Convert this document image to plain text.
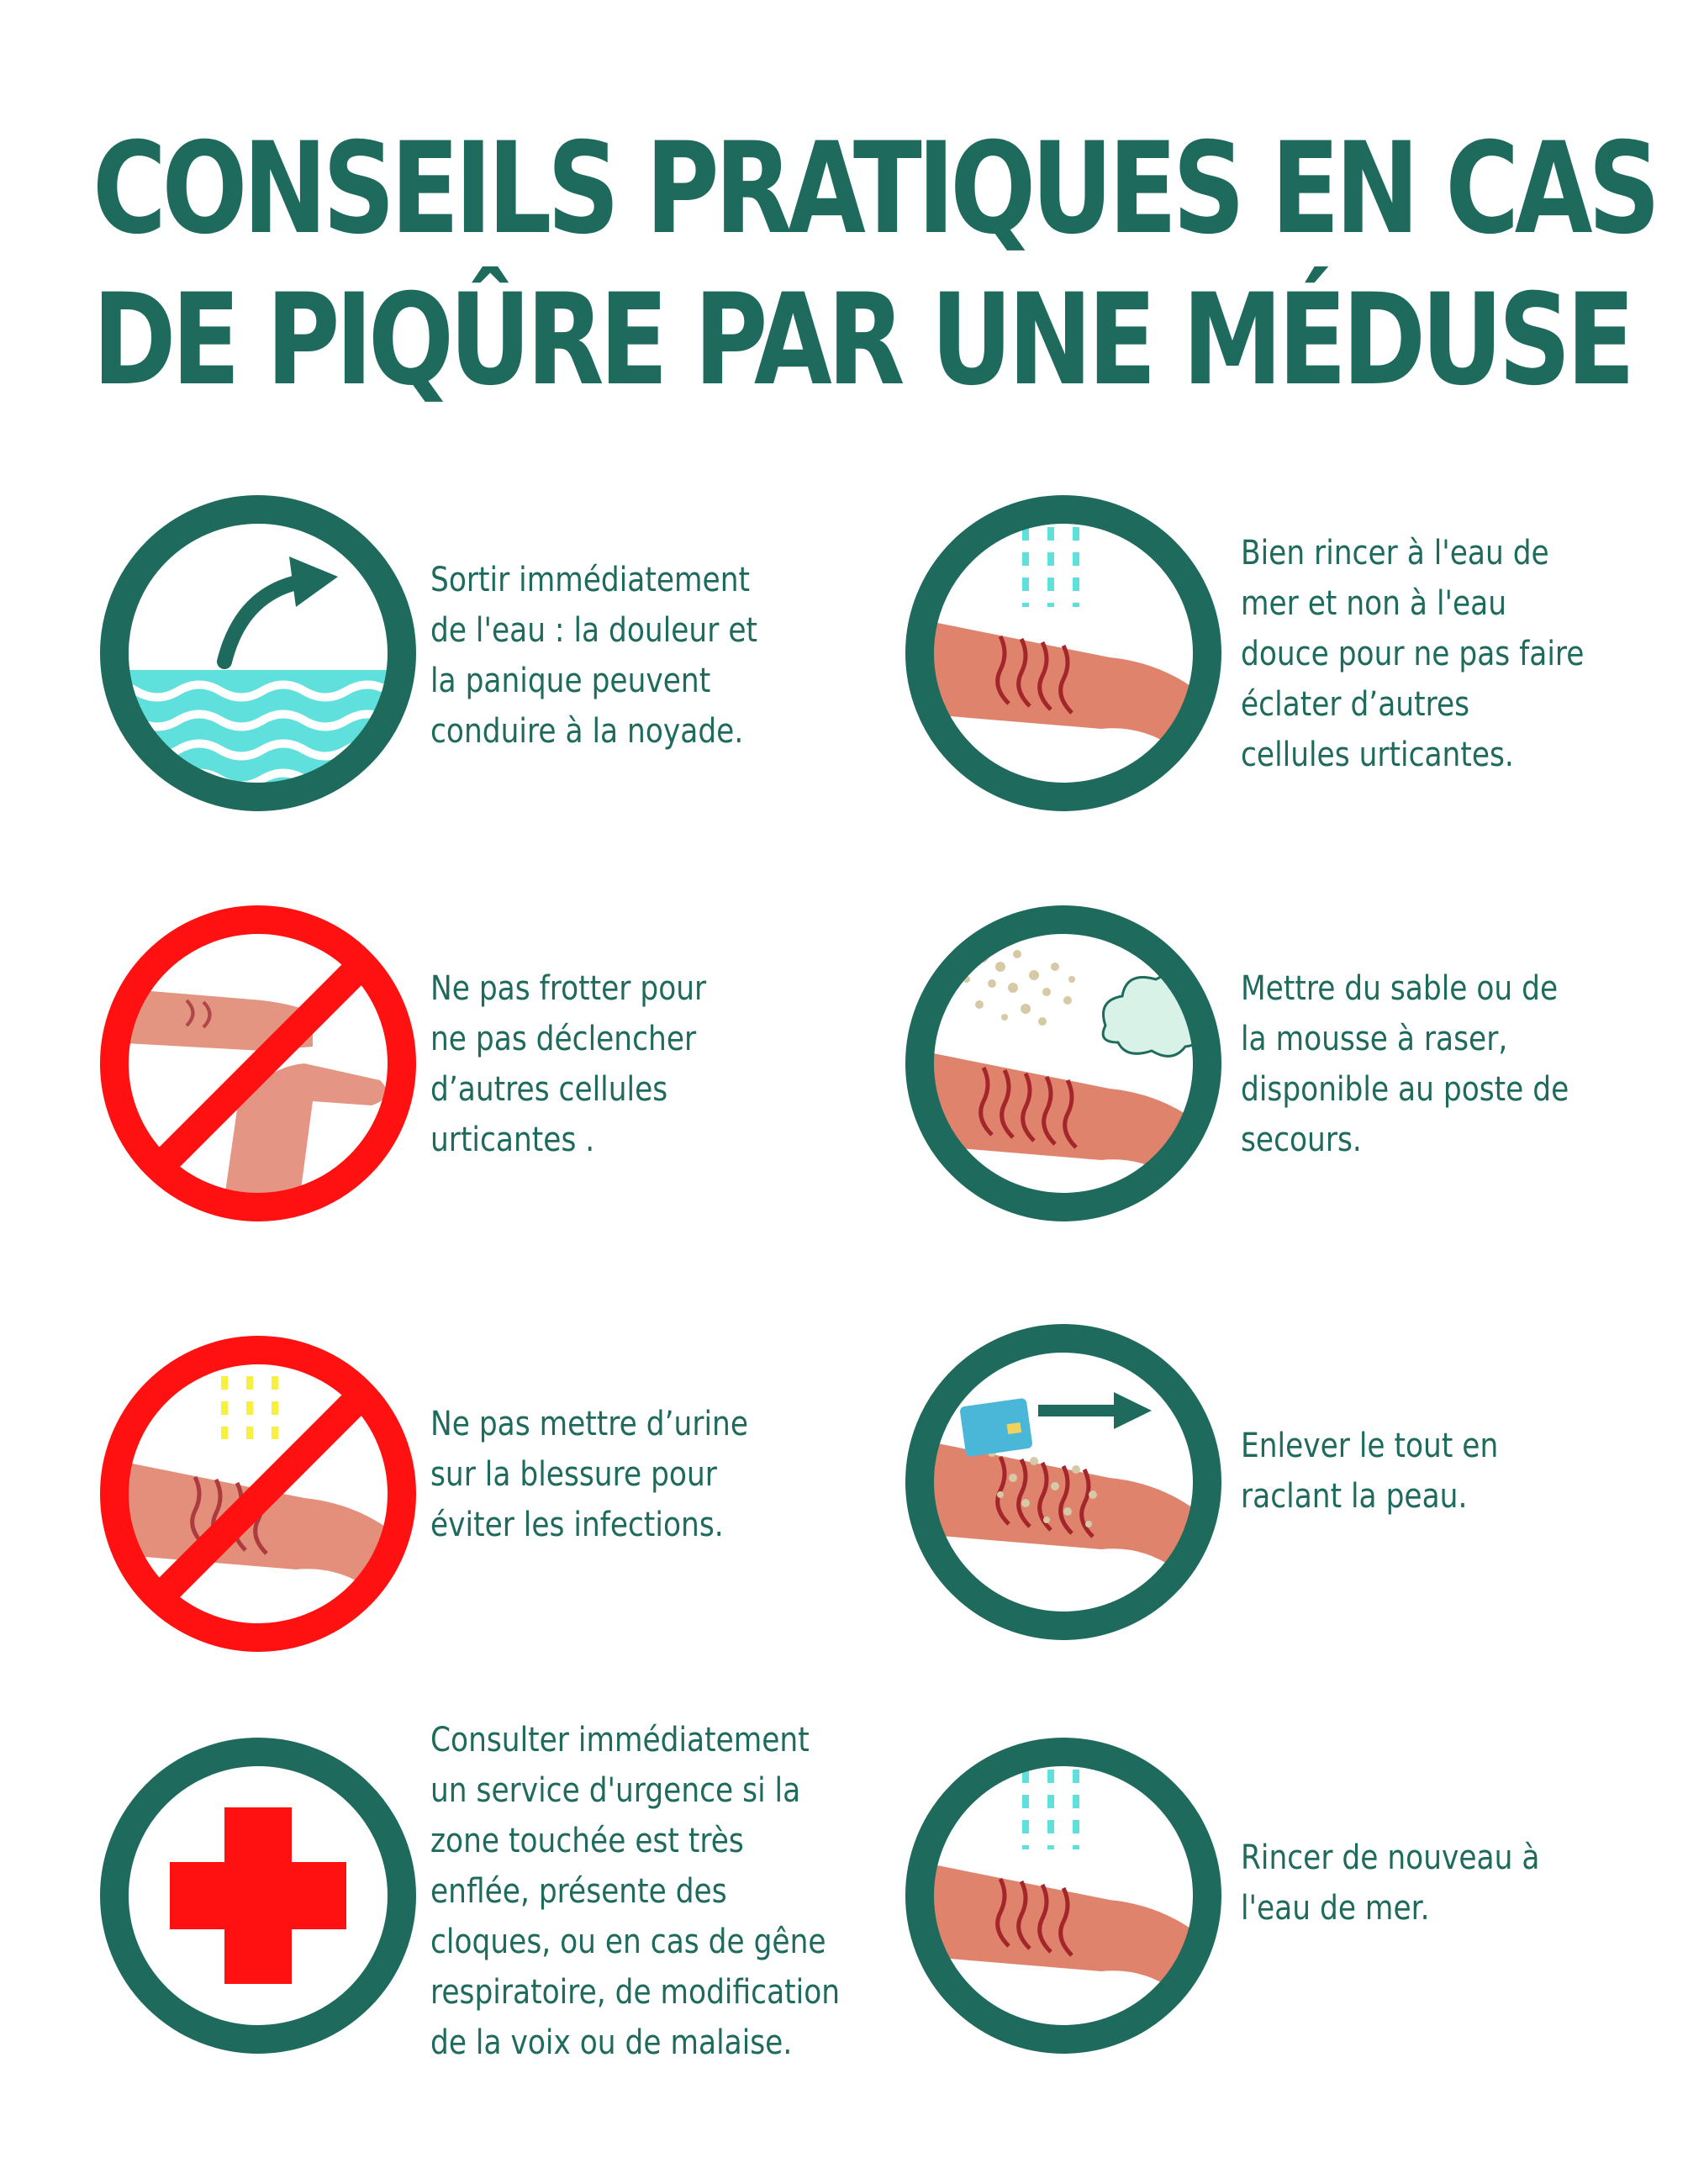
CONSEILS PRATIQUES EN CAS
DE PIQÛRE PAR UNE MÉDUSE
Sortir immédiatement
de l'eau : la douleur et
la panique peuvent
conduire à la noyade.
Bien rincer à l'eau de
mer et non à l'eau
douce pour ne pas faire
éclater d’autres
cellules urticantes.
Ne pas frotter pour
ne pas déclencher
d’autres cellules
urticantes .
Mettre du sable ou de
la mousse à raser,
disponible au poste de
secours.
Ne pas mettre d’urine
sur la blessure pour
éviter les infections.
Enlever le tout en
raclant la peau.
Consulter immédiatement
un service d'urgence si la
zone touchée est très
enflée, présente des
cloques, ou en cas de gêne
respiratoire, de modification
de la voix ou de malaise.
Rincer de nouveau à
l'eau de mer.
